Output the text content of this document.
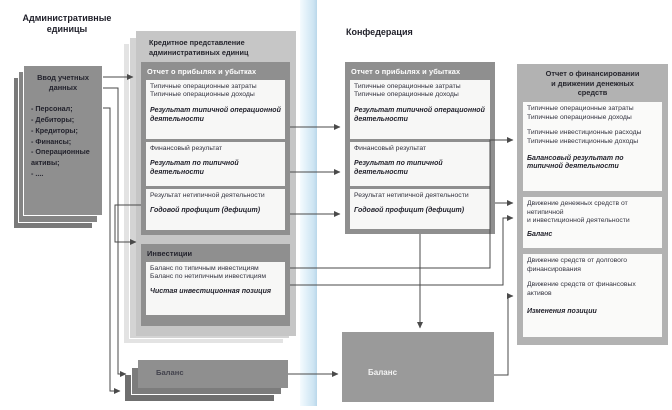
Административные единицы
Ввод учетных данных
- Персонал;
- Дебиторы;
- Кредиторы;
- Финансы;
- Операционные активы;
- ....
Кредитное представление административных единиц
Отчет о прибылях и убытках
Типичные операционные затраты
Типичные операционные доходы
Результат типичной операционной деятельности
Финансовый результат
Результат по типичной деятельности
Результат нетипичной деятельности
Годовой профицит (дефицит)
Инвестиции
Баланс по типичным инвестициям
Баланс по нетипичным инвестициям
Чистая инвестиционная позиция
Баланс
Конфедерация
Отчет о прибылях и убытках
Типичные операционные затраты
Типичные операционные доходы
Результат типичной операционной деятельности
Финансовый результат
Результат по типичной деятельности
Результат нетипичной деятельности
Годовой профицит (дефицит)
Баланс
Отчет о финансировании
и движении денежных
средств
Типичные операционные затраты
Типичные операционные доходы
Типичные инвестиционные расходы
Типичные инвестиционные доходы
Балансовый результат по типичной деятельности
Движение денежных средств от
нетипичной
и инвестиционной деятельности
Баланс
Движение средств от долгового финансирования
Движение средств от финансовых активов
Изменения позиции
